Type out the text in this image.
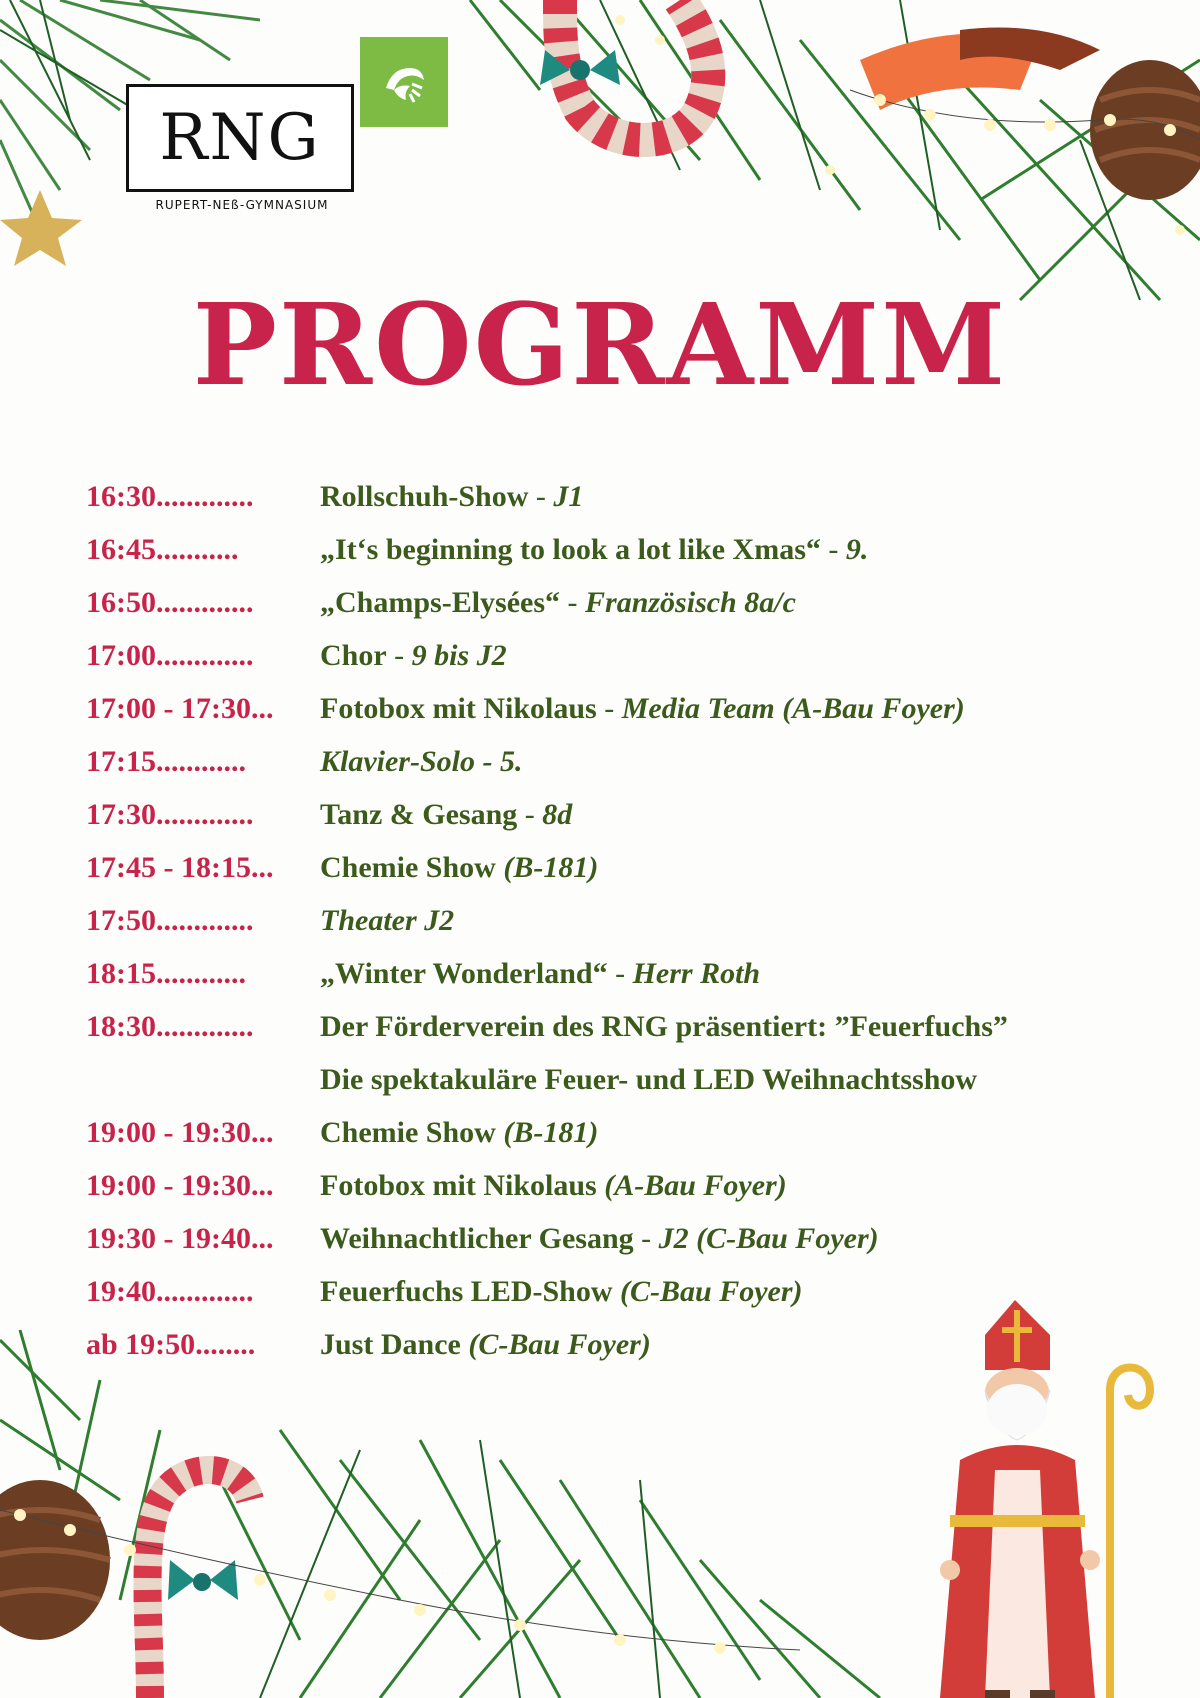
RNG
RUPERT-NEß-GYMNASIUM
PROGRAMM
16:30.............	Rollschuh-Show - J1
16:45...........	„It‘s beginning to look a lot like Xmas“ - 9.
16:50.............	„Champs-Elysées“ - Französisch 8a/c
17:00.............	Chor - 9 bis J2
17:00 - 17:30...	Fotobox mit Nikolaus - Media Team (A-Bau Foyer)
17:15............	Klavier-Solo - 5.
17:30.............	Tanz & Gesang - 8d
17:45 - 18:15...	Chemie Show
(B-181)
17:50.............	Theater J2
18:15............	„Winter Wonderland“ - Herr Roth
18:30.............	Der Förderverein des RNG präsentiert: ”Feuerfuchs”
Die spektakuläre Feuer- und LED Weihnachtsshow
19:00 - 19:30...	Chemie Show
(B-181)
19:00 - 19:30...	Fotobox mit Nikolaus
(A-Bau Foyer)
19:30 - 19:40...	Weihnachtlicher Gesang - J2 (C-Bau Foyer)
19:40.............	Feuerfuchs LED-Show
(C-Bau Foyer)
ab 19:50........	Just Dance
(C-Bau Foyer)
